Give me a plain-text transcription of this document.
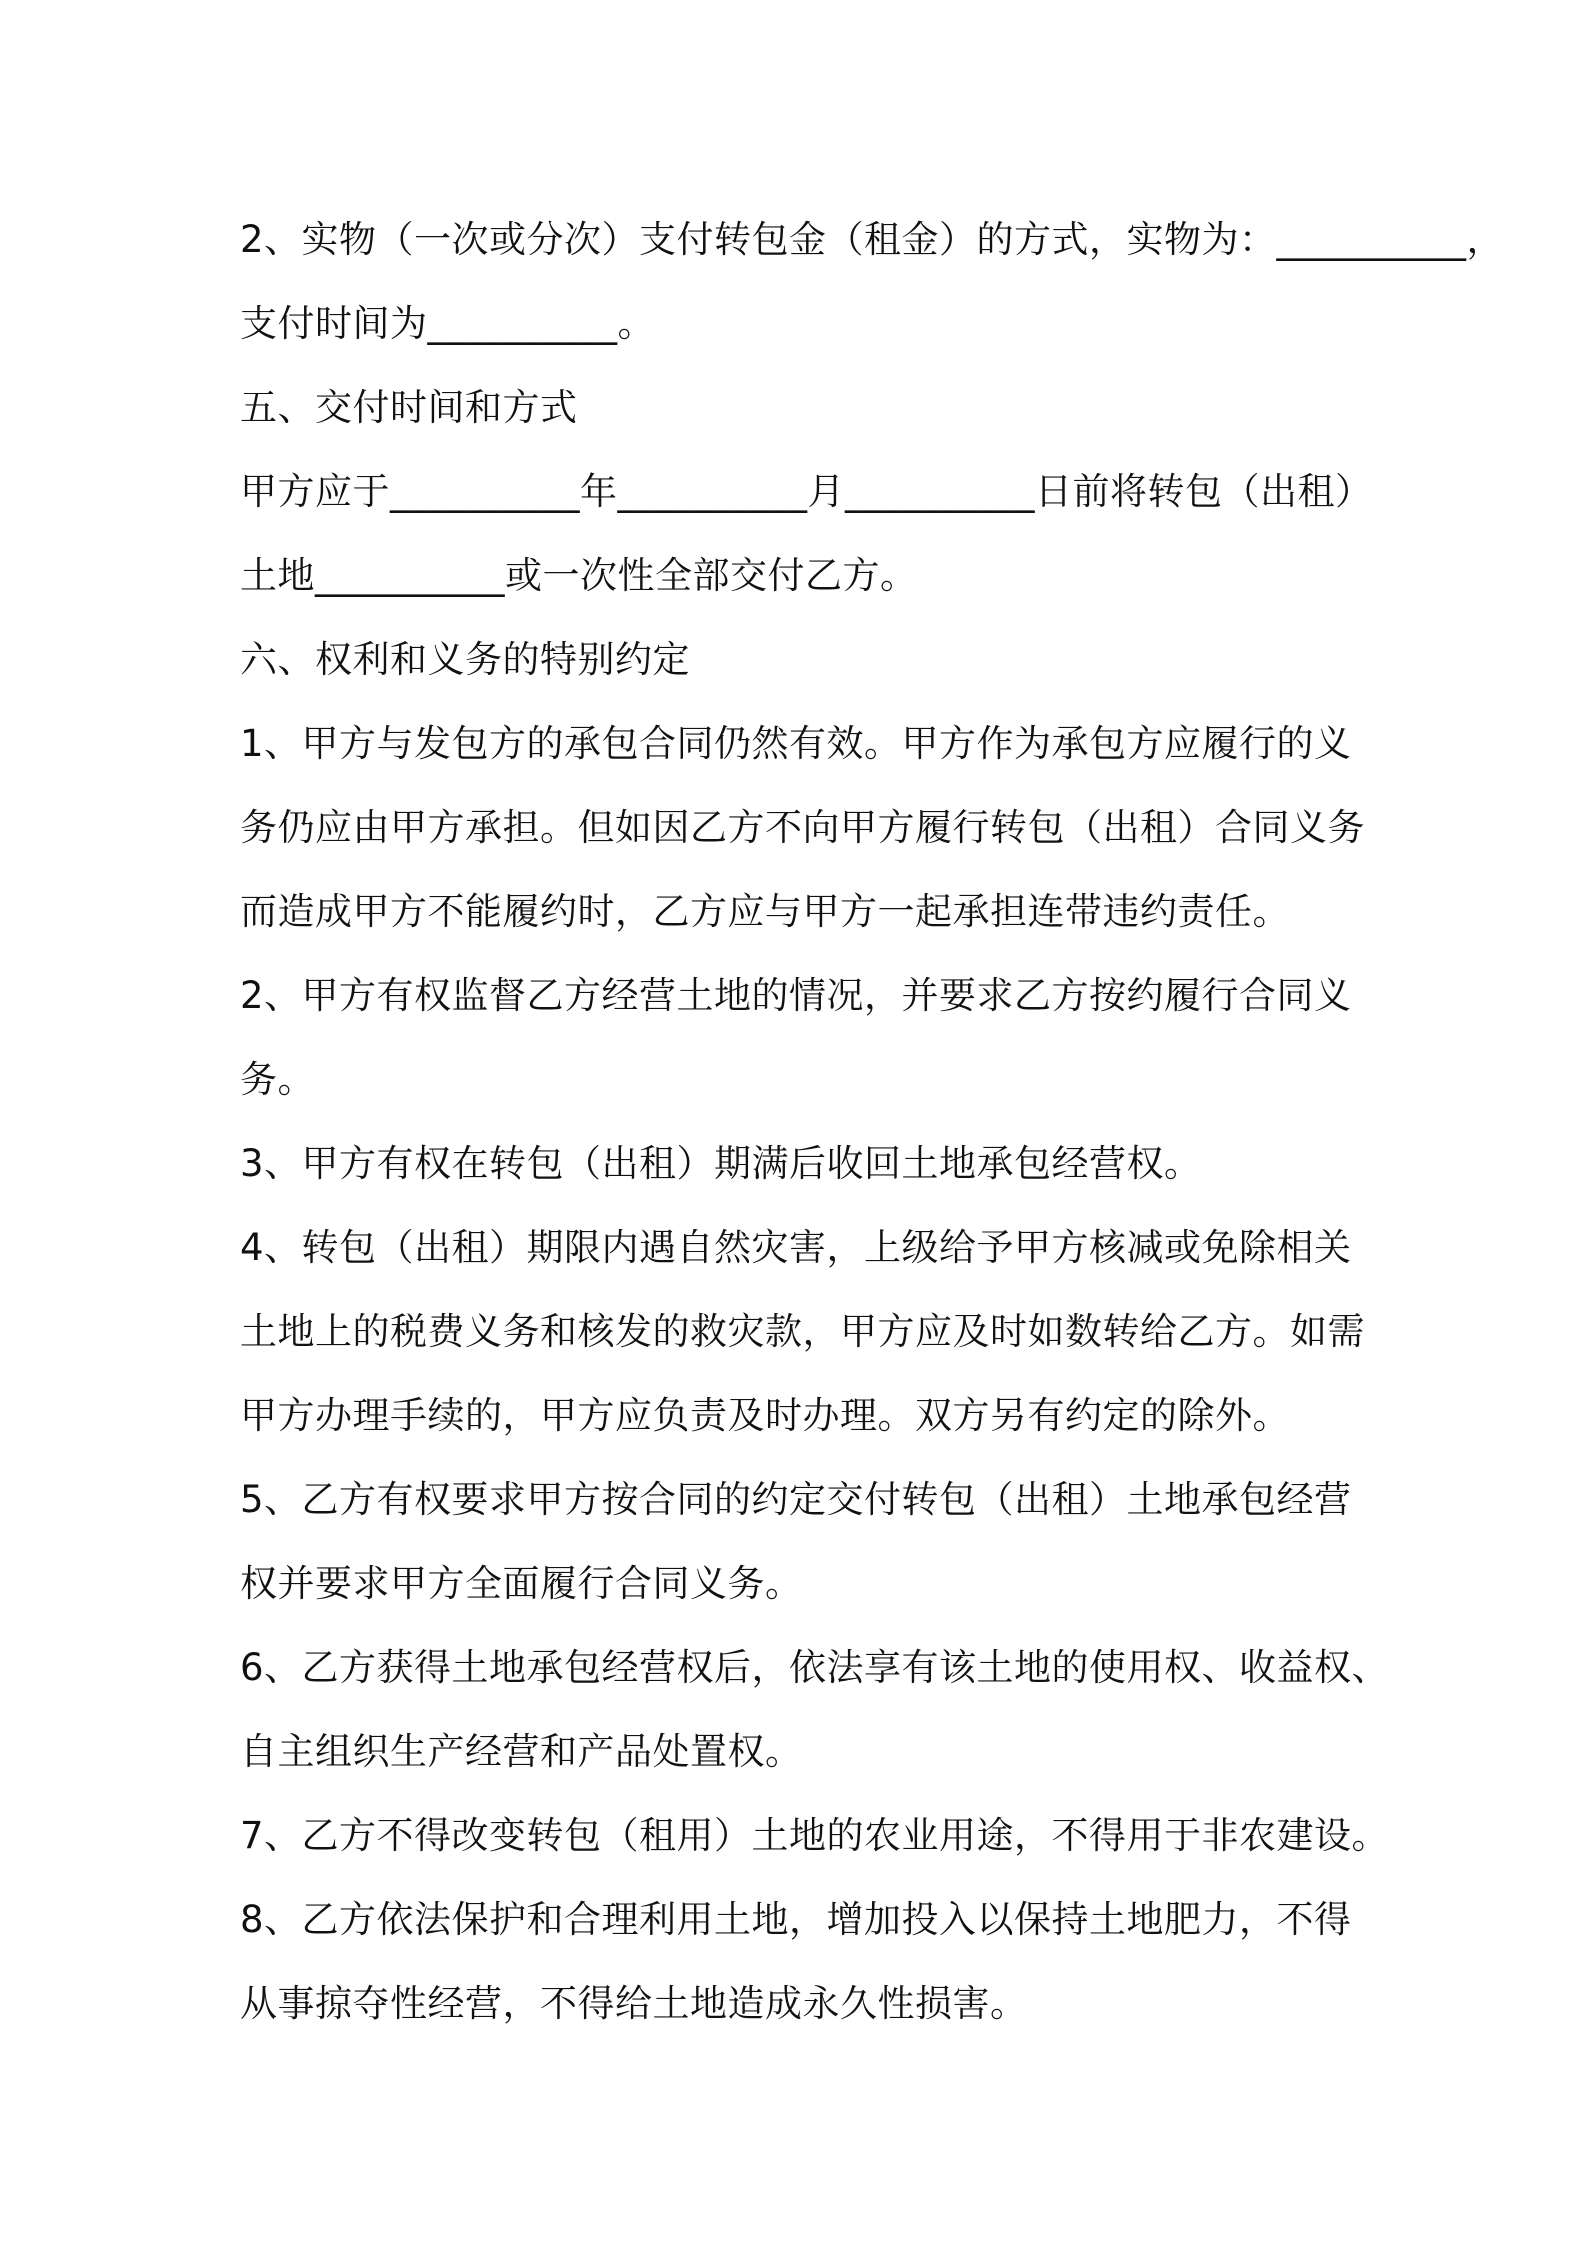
2、实物（一次或分次）支付转包金（租金）的方式，实物为：__________，
支付时间为__________。
五、交付时间和方式
甲方应于__________年__________月__________日前将转包（出租）
土地__________或一次性全部交付乙方。
六、权利和义务的特别约定
1、甲方与发包方的承包合同仍然有效。甲方作为承包方应履行的义
务仍应由甲方承担。但如因乙方不向甲方履行转包（出租）合同义务
而造成甲方不能履约时，乙方应与甲方一起承担连带违约责任。
2、甲方有权监督乙方经营土地的情况，并要求乙方按约履行合同义
务。
3、甲方有权在转包（出租）期满后收回土地承包经营权。
4、转包（出租）期限内遇自然灾害，上级给予甲方核减或免除相关
土地上的税费义务和核发的救灾款，甲方应及时如数转给乙方。如需
甲方办理手续的，甲方应负责及时办理。双方另有约定的除外。
5、乙方有权要求甲方按合同的约定交付转包（出租）土地承包经营
权并要求甲方全面履行合同义务。
6、乙方获得土地承包经营权后，依法享有该土地的使用权、收益权、
自主组织生产经营和产品处置权。
7、乙方不得改变转包（租用）土地的农业用途，不得用于非农建设。
8、乙方依法保护和合理利用土地，增加投入以保持土地肥力，不得
从事掠夺性经营，不得给土地造成永久性损害。
